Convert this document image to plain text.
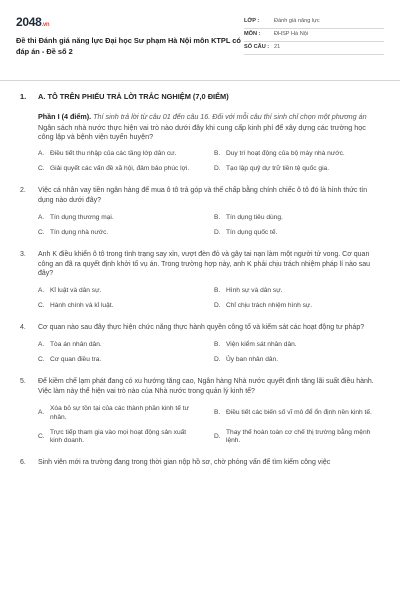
2048.vn
Đề thi Đánh giá năng lực Đại học Sư phạm Hà Nội môn KTPL có đáp án - Đề số 2
LỚP :	Đánh giá năng lực
MÔN :	ĐHSP Hà Nội
SỐ CÂU : 21
1.	A. TÔ TRÊN PHIẾU TRẢ LỜI TRẮC NGHIỆM (7,0 ĐIỂM)
Phần I (4 điểm). Thí sinh trả lời từ câu 01 đến câu 16. Đối với mỗi câu thí sinh chỉ chọn một phương án
Ngân sách nhà nước thực hiện vai trò nào dưới đây khi cung cấp kinh phí để xây dựng các trường học công lập và bệnh viện tuyến huyện?
A. Điều tiết thu nhập của các tầng lớp dân cư.	B. Duy trì hoạt động của bộ máy nhà nước.
C. Giải quyết các vấn đề xã hội, đảm bảo phúc lợi.	D. Tạo lập quỹ dự trữ tiền tệ quốc gia.
2.	Việc cá nhân vay tiền ngân hàng để mua ô tô trả góp và thế chấp bằng chính chiếc ô tô đó là hình thức tín dụng nào dưới đây?
A. Tín dụng thương mại.	B. Tín dụng tiêu dùng.
C. Tín dụng nhà nước.	D. Tín dụng quốc tế.
3.	Anh K điều khiển ô tô trong tình trạng say xỉn, vượt đèn đỏ và gây tai nạn làm một người tử vong. Cơ quan công an đã ra quyết định khởi tố vụ án. Trong trường hợp này, anh K phải chịu trách nhiệm pháp lí nào sau đây?
A. Kỉ luật và dân sự.	B. Hình sự và dân sự.
C. Hành chính và kỉ luật.	D. Chỉ chịu trách nhiệm hình sự.
4.	Cơ quan nào sau đây thực hiện chức năng thực hành quyền công tố và kiểm sát các hoạt động tư pháp?
A. Tòa án nhân dân.	B. Viện kiểm sát nhân dân.
C. Cơ quan điều tra.	D. Ủy ban nhân dân.
5.	Để kiềm chế lạm phát đang có xu hướng tăng cao, Ngân hàng Nhà nước quyết định tăng lãi suất điều hành. Việc làm này thể hiện vai trò nào của Nhà nước trong quản lý kinh tế?
A.
Xóa bỏ sự tồn tại của các thành phần kinh tế tư nhân.
B. Điều tiết các biến số vĩ mô để ổn định nền kinh tế.
C.
Trực tiếp tham gia vào mọi hoạt động sản xuất kinh doanh.
D.
Thay thế hoàn toàn cơ chế thị trường bằng mệnh lệnh.
6.	Sinh viên mới ra trường đang trong thời gian nộp hồ sơ, chờ phỏng vấn để tìm kiếm công việc
